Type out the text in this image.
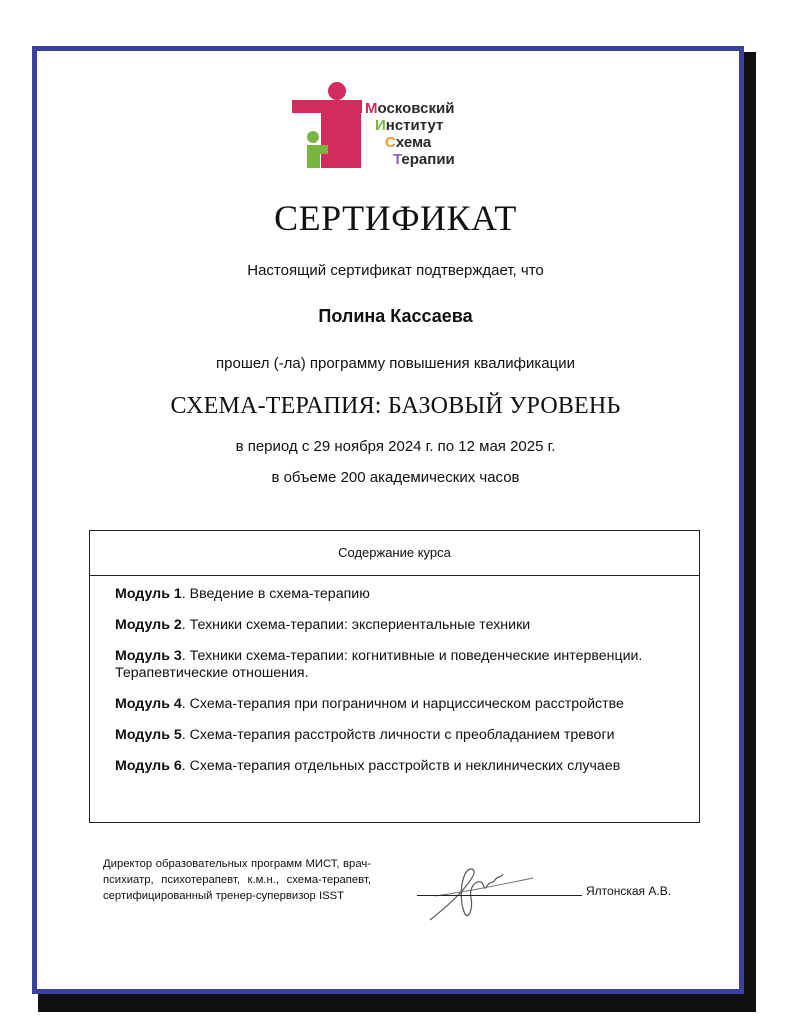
Московский
Институт
Схема
Терапии
СЕРТИФИКАТ
Настоящий сертификат подтверждает, что
Полина Кассаева
прошел (-ла) программу повышения квалификации
СХЕМА-ТЕРАПИЯ: БАЗОВЫЙ УРОВЕНЬ
в период с 29 ноября 2024 г. по 12 мая 2025 г.
в объеме 200 академических часов
Содержание курса
Модуль 1. Введение в схема-терапию
Модуль 2. Техники схема-терапии: экспериентальные техники
Модуль 3. Техники схема-терапии: когнитивные и поведенческие интервенции. Терапевтические отношения.
Модуль 4. Схема-терапия при пограничном и нарциссическом расстройстве
Модуль 5. Схема-терапия расстройств личности с преобладанием тревоги
Модуль 6. Схема-терапия отдельных расстройств и неклинических случаев
Директор образовательных программ МИСТ, врач-психиатр, психотерапевт, к.м.н., схема-терапевт, сертифицированный тренер-супервизор ISST	Ялтонская А.В.
